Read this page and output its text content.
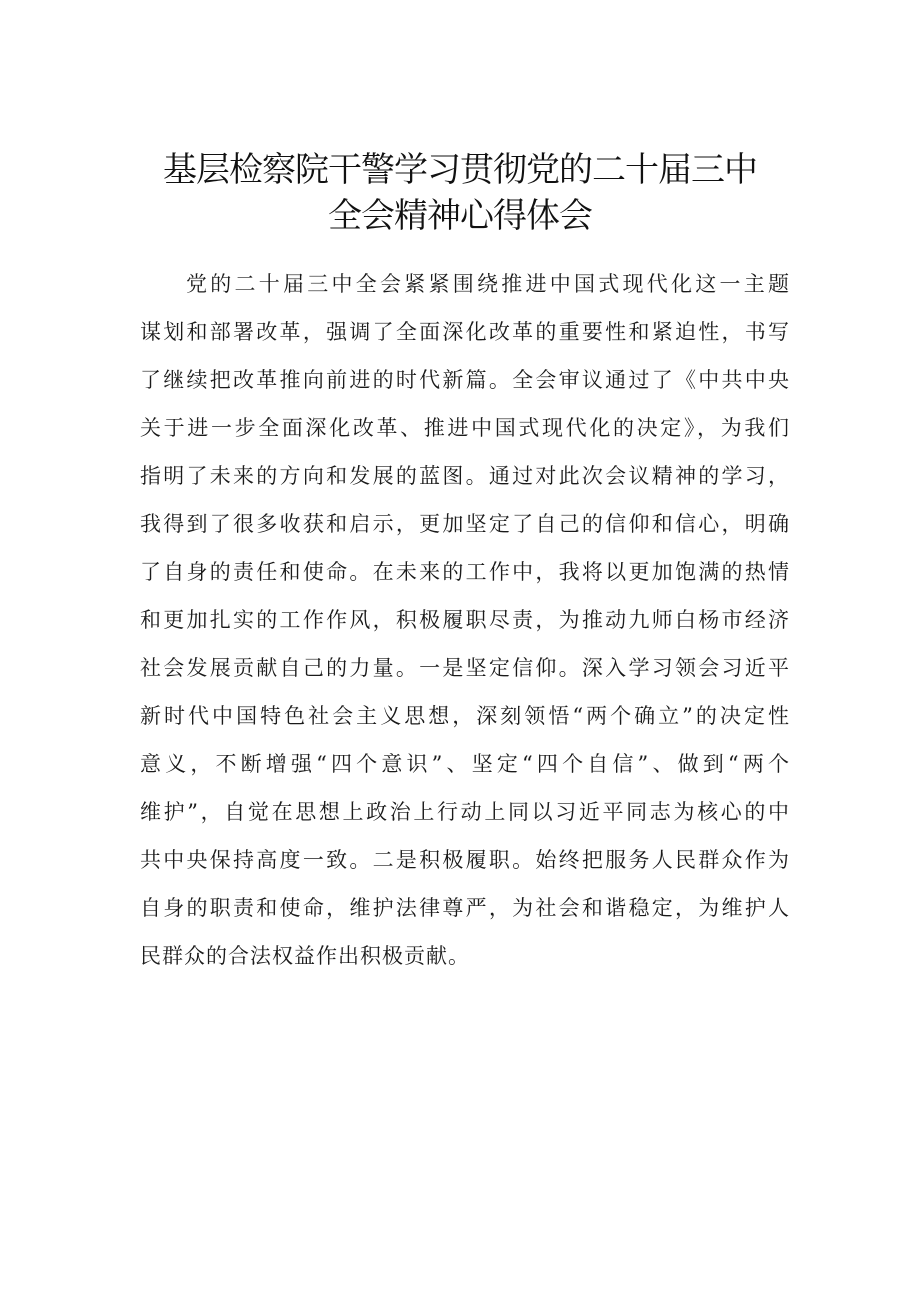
基层检察院干警学习贯彻党的二十届三中
全会精神心得体会
党的二十届三中全会紧紧围绕推进中国式现代化这一主题
谋划和部署改革，强调了全面深化改革的重要性和紧迫性，书写
了继续把改革推向前进的时代新篇。全会审议通过了《中共中央
关于进一步全面深化改革、推进中国式现代化的决定》，为我们
指明了未来的方向和发展的蓝图。通过对此次会议精神的学习，
我得到了很多收获和启示，更加坚定了自己的信仰和信心，明确
了自身的责任和使命。在未来的工作中，我将以更加饱满的热情
和更加扎实的工作作风，积极履职尽责，为推动九师白杨市经济
社会发展贡献自己的力量。一是坚定信仰。深入学习领会习近平
新时代中国特色社会主义思想，深刻领悟“两个确立”的决定性
意义，不断增强“四个意识”、坚定“四个自信”、做到“两个
维护”，自觉在思想上政治上行动上同以习近平同志为核心的中
共中央保持高度一致。二是积极履职。始终把服务人民群众作为
自身的职责和使命，维护法律尊严，为社会和谐稳定，为维护人
民群众的合法权益作出积极贡献。
